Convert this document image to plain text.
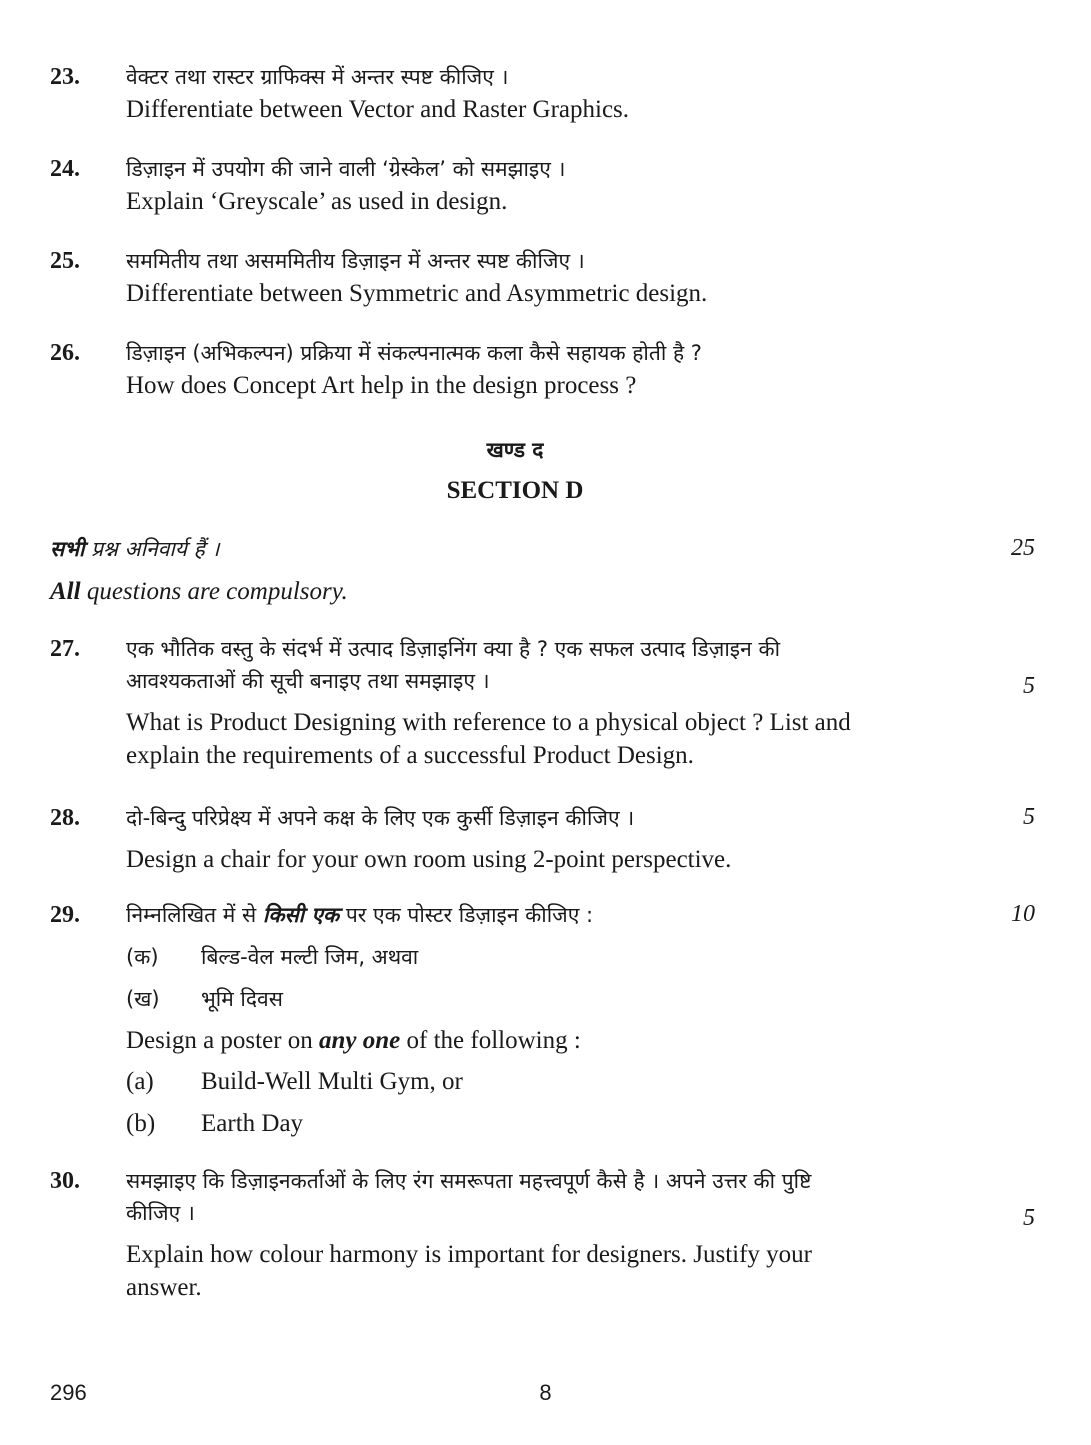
23. वेक्टर तथा रास्टर ग्राफिक्स में अन्तर स्पष्ट कीजिए ।

Differentiate between Vector and Raster Graphics.

24. डिज़ाइन में उपयोग की जाने वाली ‘ग्रेस्केल’ को समझाइए ।

Explain ‘Greyscale’ as used in design.

25. सममितीय तथा असममितीय डिज़ाइन में अन्तर स्पष्ट कीजिए ।

Differentiate between Symmetric and Asymmetric design.

26. डिज़ाइन (अभिकल्पन) प्रक्रिया में संकल्पनात्मक कला कैसे सहायक होती है ?

How does Concept Art help in the design process ?

खण्ड द
SECTION D

सभी प्रश्न अनिवार्य हैं ।	25

All questions are compulsory.

27. एक भौतिक वस्तु के संदर्भ में उत्पाद डिज़ाइनिंग क्या है ? एक सफल उत्पाद डिज़ाइन की

आवश्यकताओं की सूची बनाइए तथा समझाइए ।

What is Product Designing with reference to a physical object ? List and

explain the requirements of a successful Product Design.

5
28. दो-बिन्दु परिप्रेक्ष्य में अपने कक्ष के लिए एक कुर्सी डिज़ाइन कीजिए ।

Design a chair for your own room using 2-point perspective.

5
29. निम्नलिखित में से किसी एक पर एक पोस्टर डिज़ाइन कीजिए :

(क)	बिल्ड-वेल मल्टी जिम, अथवा
(ख)	भूमि दिवस

Design a poster on any one of the following :

(a)	Build-Well Multi Gym, or
(b)	Earth Day
10
30. समझाइए कि डिज़ाइनकर्ताओं के लिए रंग समरूपता महत्त्वपूर्ण कैसे है । अपने उत्तर की पुष्टि

कीजिए ।

Explain how colour harmony is important for designers. Justify your

answer.

5
296	8
